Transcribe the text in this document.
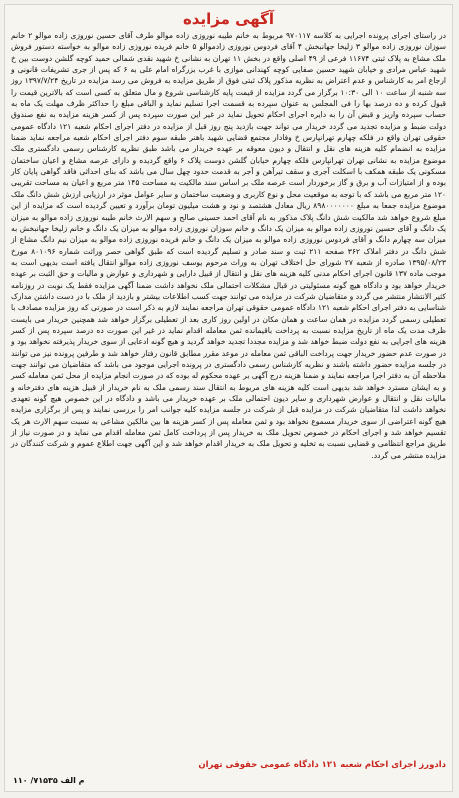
آگهی مزایده
در راستای اجرای پرونده اجرایی به کلاسه ۹۷۰۱۱۷ مربوط به خانم طیبه نوروزی زاده موالو طرف آقای حسین نوروزی زاده موالو ۲ خانم سوزان نوروزی زاده موالو ۳ زلیخا جهانبخش ۴ آقای فردوس نوروزی زادموالو ۵ خانم فریده نوروزی زاده موالو به خواسته دستور فروش ملک مشاع به پلاک ثبتی ۱۱۶۷۴ فرعی از ۴۹ اصلی واقع در بخش ۱۱ تهران به نشانی خ شهید نقدی شمالی حمید کوچه گلشن دوست بین خ شهید عباس مرادی و خیابان شهید حسین صفایی کوچه کهندانی موازی با غرب بزرگراه امام علی به ۶ که پس از جری تشریفات قانونی و ارجاع امر به کارشناس و عدم اعتراض به نظریه مذکور پلاک ثبتی فوق از طریق مزایده به فروش می رسد مزایده در تاریخ ۱۳۹۷/۷/۲۴ روز سه شنبه از ساعت ۱۰ الی ۱۰:۳۰ برگزار می گردد مزایده از قیمت پایه کارشناسی شروع و مال متعلق به کسی است که بالاترین قیمت را قبول کرده و ده درصد بها را فی المجلس به عنوان سپرده به قسمت اجرا تسلیم نماید و الباقی مبلغ را حداکثر ظرف مهلت یک ماه به حساب سپرده واریز و قبض آن را به دایره اجرای احکام تحویل نماید در غیر این صورت سپرده پس از کسر هزینه مزایده به نفع صندوق دولت ضبط و مزایده تجدید می گردد خریدار می تواند جهت بازدید پنج روز قبل از مزایده در دفتر اجرای احکام شعبه ۱۲۱ دادگاه عمومی حقوقی تهران واقع در فلکه چهارم تهرانپارس خ وفادار مجتمع قضایی شهید باهنر طبقه سوم دفتر اجرای احکام شعبه مراجعه نماید ضمنا مزایده به انضمام کلیه هزینه های نقل و انتقال و دیون معوقه بر عهده خریدار می باشد طبق نظریه کارشناس رسمی دادگستری ملک موضوع مزایده به نشانی تهران تهرانپارس فلکه چهارم خیابان گلشن دوست پلاک ۶ واقع گردیده و دارای عرصه مشاع و اعیان ساختمان مسکونی یک طبقه همکف با اسکلت آجری و سقف تیرآهن و آجر به قدمت حدود چهل سال می باشد که بنای احداثی فاقد گواهی پایان کار بوده و از امتیازات آب و برق و گاز برخوردار است عرصه ملک بر اساس سند مالکیت به مساحت ۱۴۵ متر مربع و اعیان به مساحت تقریبی ۱۲۰ متر مربع می باشد که با توجه به موقعیت محل و نوع کاربری و وضعیت ساختمان و سایر عوامل موثر در ارزیابی ارزش شش دانگ ملک موضوع مزایده جمعا به مبلغ ۸۹۸۰۰۰۰۰۰۰ ریال معادل هشتصد و نود و هشت میلیون تومان برآورد و تعیین گردیده است که مزایده از این مبلغ شروع خواهد شد مالکیت شش دانگ پلاک مذکور به نام آقای احمد حسینی صالح و سهم الارث خانم طیبه نوروزی زاده موالو به میزان یک دانگ و آقای حسین نوروزی زاده موالو به میزان یک دانگ و خانم سوزان نوروزی زاده موالو به میزان یک دانگ و خانم زلیخا جهانبخش به میزان سه چهارم دانگ و آقای فردوس نوروزی زاده موالو به میزان یک دانگ و خانم فریده نوروزی زاده موالو به میزان نیم دانگ مشاع از شش دانگ در دفتر املاک ۳۶۲ صفحه ۲۱۱ ثبت و سند صادر و تسلیم گردیده است که طبق گواهی حصر وراثت شماره ۸۰۱۰۹۶ مورخ ۱۳۹۵/۰۸/۲۳ صادره از شعبه ۲۷ شورای حل اختلاف تهران به وراث مرحوم یوسف نوروزی زاده موالو انتقال یافته است بدیهی است به موجب ماده ۱۳۷ قانون اجرای احکام مدنی کلیه هزینه های نقل و انتقال از قبیل دارایی و شهرداری و عوارض و مالیات و حق الثبت بر عهده خریدار خواهد بود و دادگاه هیچ گونه مسئولیتی در قبال مشکلات احتمالی ملک نخواهد داشت ضمنا آگهی مزایده فقط یک نوبت در روزنامه کثیر الانتشار منتشر می گردد و متقاضیان شرکت در مزایده می توانند جهت کسب اطلاعات بیشتر و بازدید از ملک با در دست داشتن مدارک شناسایی به دفتر اجرای احکام شعبه ۱۲۱ دادگاه عمومی حقوقی تهران مراجعه نمایند لازم به ذکر است در صورتی که روز مزایده مصادف با تعطیلی رسمی گردد مزایده در همان ساعت و همان مکان در اولین روز کاری بعد از تعطیلی برگزار خواهد شد همچنین خریدار می بایست ظرف مدت یک ماه از تاریخ مزایده نسبت به پرداخت باقیمانده ثمن معامله اقدام نماید در غیر این صورت ده درصد سپرده پس از کسر هزینه های اجرایی به نفع دولت ضبط خواهد شد و مزایده مجددا تجدید خواهد گردید و هیچ گونه ادعایی از سوی خریدار پذیرفته نخواهد بود و در صورت عدم حضور خریدار جهت پرداخت الباقی ثمن معامله در موعد مقرر مطابق قانون رفتار خواهد شد و طرفین پرونده نیز می توانند در جلسه مزایده حضور داشته باشند و نظریه کارشناس رسمی دادگستری در پرونده اجرایی موجود می باشد که متقاضیان می توانند جهت ملاحظه آن به دفتر اجرا مراجعه نمایند و ضمنا هزینه درج آگهی بر عهده محکوم له بوده که در صورت انجام مزایده از محل ثمن معامله کسر و به ایشان مسترد خواهد شد بدیهی است کلیه هزینه های مربوط به انتقال سند رسمی ملک به نام خریدار از قبیل هزینه های دفترخانه و مالیات نقل و انتقال و عوارض شهرداری و سایر دیون احتمالی ملک بر عهده خریدار می باشد و دادگاه در این خصوص هیچ گونه تعهدی نخواهد داشت لذا متقاضیان شرکت در مزایده قبل از شرکت در جلسه مزایده کلیه جوانب امر را بررسی نمایند و پس از برگزاری مزایده هیچ گونه اعتراضی از سوی خریدار مسموع نخواهد بود و ثمن معامله پس از کسر هزینه ها بین مالکین مشاعی به نسبت سهم الارث هر یک تقسیم خواهد شد و اجرای احکام در خصوص تحویل ملک به خریدار پس از پرداخت کامل ثمن معامله اقدام می نماید و در صورت نیاز از طریق مراجع انتظامی و قضایی نسبت به تخلیه و تحویل ملک به خریدار اقدام خواهد شد و این آگهی جهت اطلاع عموم و شرکت کنندگان در مزایده منتشر می گردد.
دادورز اجرای احکام شعبه ۱۲۱ دادگاه عمومی حقوقی تهران
م الف ۷۱۵۳۵/ ۱۱۰
